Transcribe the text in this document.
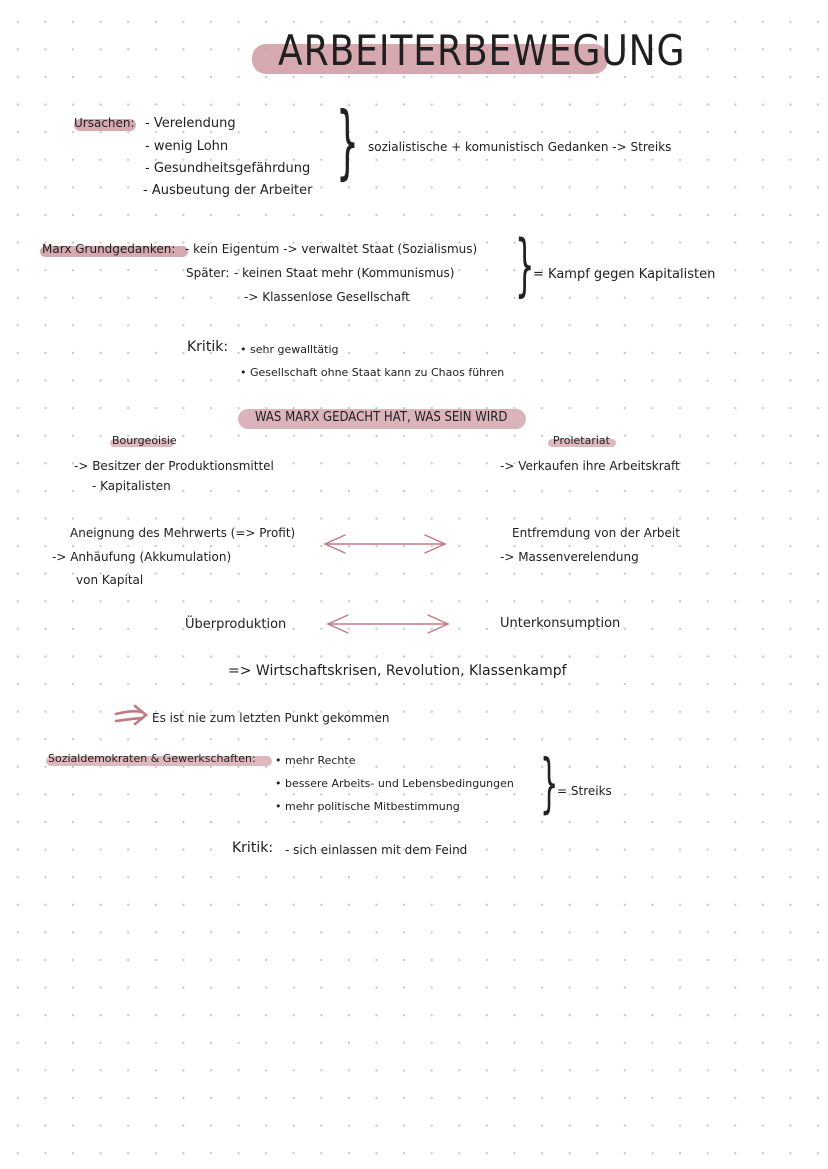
ARBEITERBEWEGUNG
Ursachen: - Verelendung
- wenig Lohn
- Gesundheitsgefährdung
- Ausbeutung der Arbeiter
} sozialistische + komunistisch Gedanken -> Streiks
Marx Grundgedanken: - kein Eigentum -> verwaltet Staat (Sozialismus)
Später: - keinen Staat mehr (Kommunismus)
-> Klassenlose Gesellschaft }
= Kampf gegen Kapitalisten
Kritik: • sehr gewalltätig
• Gesellschaft ohne Staat kann zu Chaos führen
WAS MARX GEDACHT HAT, WAS SEIN WIRD
Bourgeoisie
-> Besitzer der Produktionsmittel
- Kapitalisten
Proletariat
-> Verkaufen ihre Arbeitskraft
Aneignung des Mehrwerts (=> Profit)
-> Anhäufung (Akkumulation)
von Kapital
Entfremdung von der Arbeit
-> Massenverelendung
Überproduktion	Unterkonsumption
=> Wirtschaftskrisen, Revolution, Klassenkampf
Es ist nie zum letzten Punkt gekommen
Sozialdemokraten & Gewerkschaften: • mehr Rechte
• bessere Arbeits- und Lebensbedingungen
• mehr politische Mitbestimmung }
= Streiks
Kritik: - sich einlassen mit dem Feind
